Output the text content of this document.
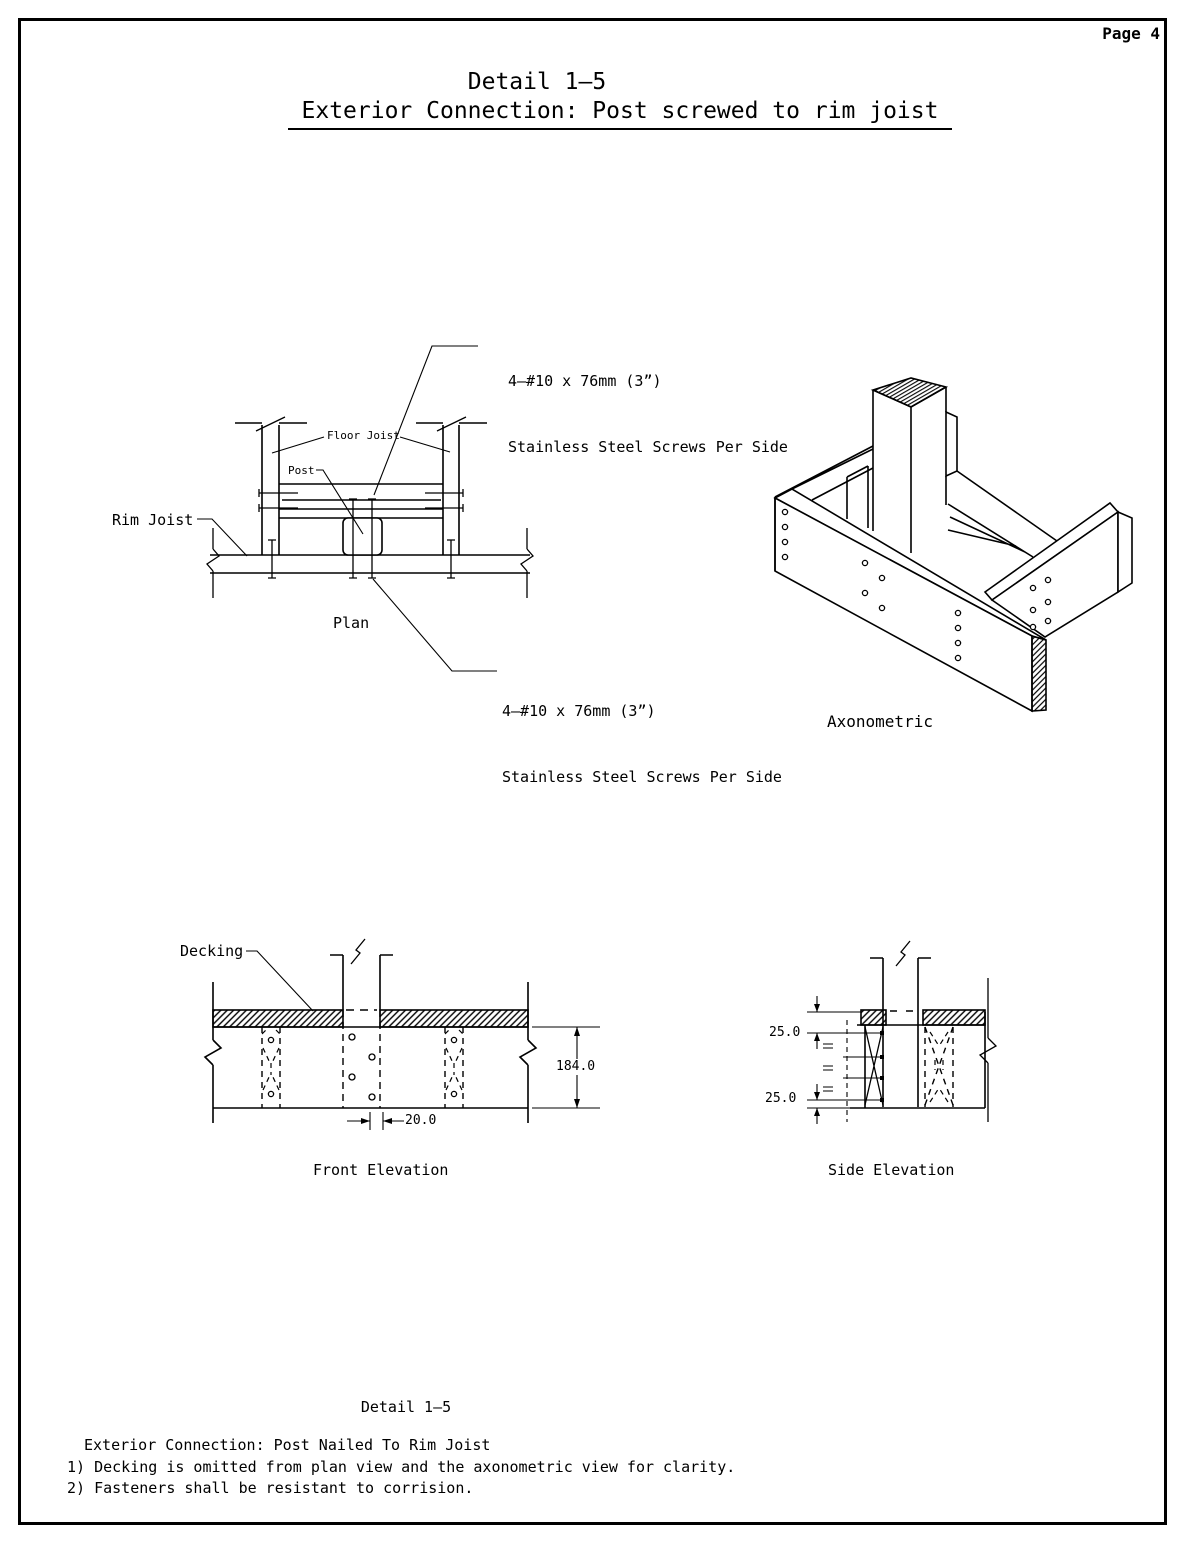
Page 4
Detail 1–5
Exterior Connection: Post screwed to rim joist

4–#10 x 76mm (3”)

Stainless Steel Screws Per Side

4–#10 x 76mm (3”)

Stainless Steel Screws Per Side

Floor Joist
Post
Rim Joist
Plan
Axonometric
Decking
184.0
20.0
Front Elevation
25.0
25.0
Side Elevation
Detail 1–5
Exterior Connection: Post Nailed To Rim Joist
1) Decking is omitted from plan view and the axonometric view for clarity.
2) Fasteners shall be resistant to corrision.
